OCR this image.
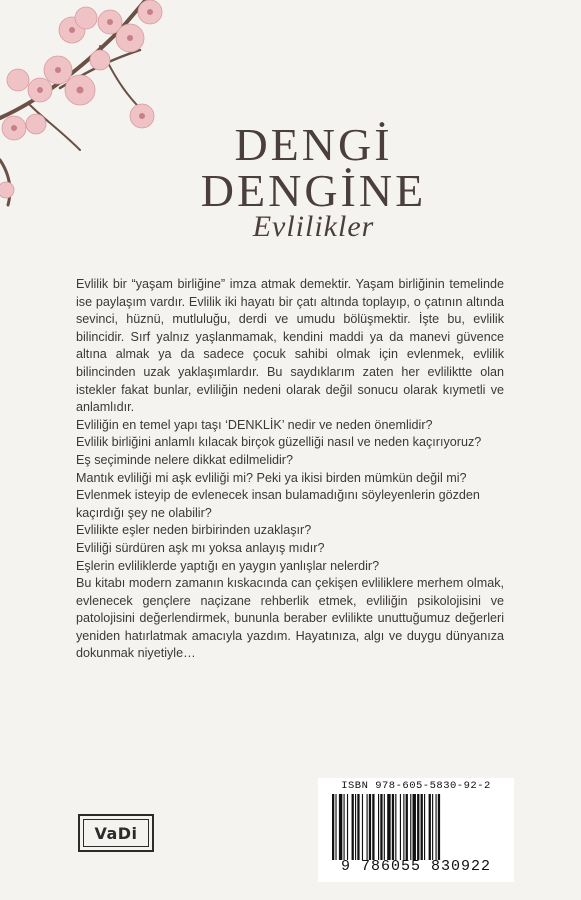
DENGİ
DENGİNE
Evlilikler

Evlilik bir “yaşam birliğine” imza atmak demektir. Yaşam birliğinin temelinde ise paylaşım vardır. Evlilik iki hayatı bir çatı altında toplayıp, o çatının altında sevinci, hüznü, mutluluğu, derdi ve umudu bölüşmektir. İşte bu, evlilik bilincidir. Sırf yalnız yaşlanmamak, kendini maddi ya da manevi güvence altına almak ya da sadece çocuk sahibi olmak için evlenmek, evlilik bilincinden uzak yaklaşımlardır. Bu saydıklarım zaten her evliliktte olan istekler fakat bunlar, evliliğin nedeni olarak değil sonucu olarak kıymetli ve anlamlıdır.

Evliliğin en temel yapı taşı ‘DENKLİK’ nedir ve neden önemlidir?

Evlilik birliğini anlamlı kılacak birçok güzelliği nasıl ve neden kaçırıyoruz?

Eş seçiminde nelere dikkat edilmelidir?

Mantık evliliği mi aşk evliliği mi? Peki ya ikisi birden mümkün değil mi?

Evlenmek isteyip de evlenecek insan bulamadığını söyleyenlerin gözden kaçırdığı şey ne olabilir?

Evlilikte eşler neden birbirinden uzaklaşır?

Evliliği sürdüren aşk mı yoksa anlayış mıdır?

Eşlerin evliliklerde yaptığı en yaygın yanlışlar nelerdir?

Bu kitabı modern zamanın kıskacında can çekişen evliliklere merhem olmak, evlenecek gençlere naçizane rehberlik etmek, evliliğin psikolojisini ve patolojisini değerlendirmek, bununla beraber evlilikte unuttuğumuz değerleri yeniden hatırlatmak amacıyla yazdım. Hayatınıza, algı ve duygu dünyanıza dokunmak niyetiyle…

VaDi
ISBN 978-605-5830-92-2
9 786055 830922
